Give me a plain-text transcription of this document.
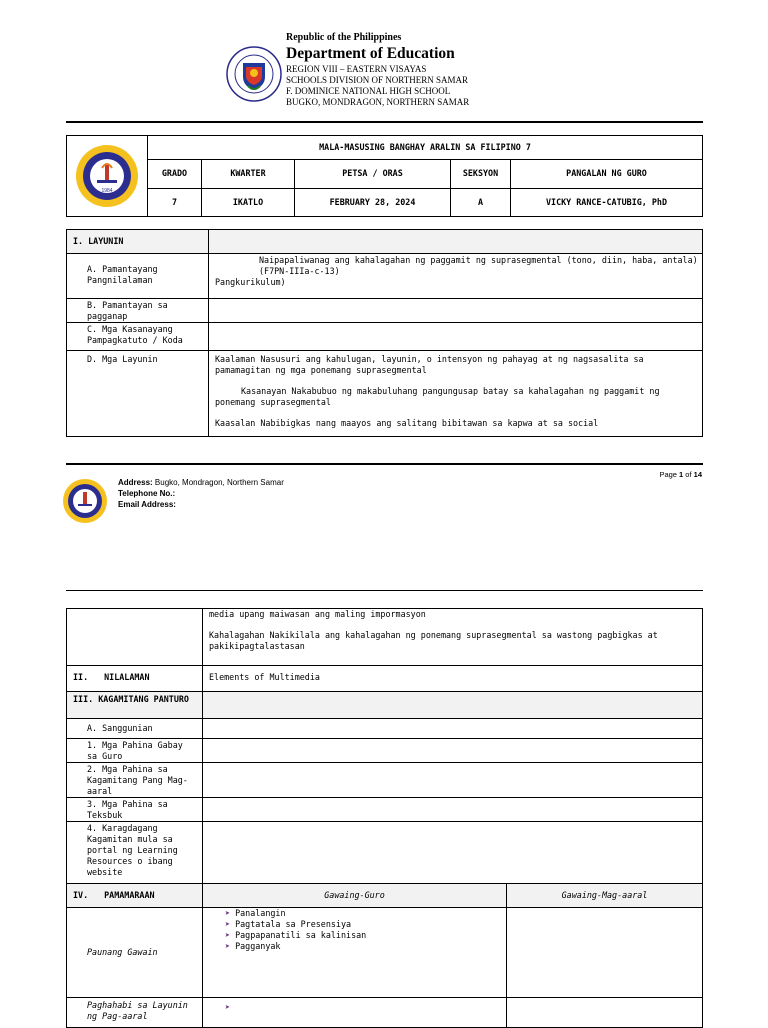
Republic of the Philippines
Department of Education
REGION VIII – EASTERN VISAYAS
SCHOOLS DIVISION OF NORTHERN SAMAR
F. DOMINICE NATIONAL HIGH SCHOOL
BUGKO, MONDRAGON, NORTHERN SAMAR
1984	MALA-MASUSING BANGHAY ARALIN SA FILIPINO 7				
	GRADO	KWARTER	PETSA / ORAS	SEKSYON	PANGALAN NG GURO
	7	IKATLO	FEBRUARY 28, 2024	A	VICKY RANCE-CATUBIG, PhD
I. LAYUNIN	
A. Pamantayang Pangnilalaman	Naipapaliwanag ang kahalagahan ng paggamit ng suprasegmental (tono, diin, haba, antala)
(F7PN-IIIa-c-13)
Pangkurikulum)

B. Pamantayan sa pagganap	
C. Mga Kasanayang Pampagkatuto / Koda	
D. Mga Layunin	Kaalaman Nasusuri ang kahulugan, layunin, o intensyon ng pahayag at ng nagsasalita sa pamamagitan ng mga ponemang suprasegmental
Kasanayan Nakabubuo ng makabuluhang pangungusap batay sa kahalagahan ng paggamit ng ponemang suprasegmental
Kaasalan Nabibigkas nang maayos ang salitang bibitawan sa kapwa at sa social
Address: Bugko, Mondragon, Northern Samar
Telephone No.:
Email Address:
Page 1 of 14

	media upang maiwasan ang maling impormasyon
Kahalagahan Nakikilala ang kahalagahan ng ponemang suprasegmental sa wastong pagbigkas at pakikipagtalastasan	

II. NILALAMAN	Elements of Multimedia	
III. KAGAMITANG PANTURO		
A. Sanggunian		
1. Mga Pahina Gabay sa Guro		
2. Mga Pahina sa Kagamitang Pang Mag-aaral		
3. Mga Pahina sa Teksbuk		
4. Karagdagang Kagamitan mula sa portal ng Learning Resources o ibang website		
IV. PAMAMARAAN	Gawaing-Guro	Gawaing-Mag-aaral
Paunang Gawain	➤ Panalangin
➤ Pagtatala sa Presensiya
➤ Pagpapanatili sa kalinisan
➤ Pagganyak	

Paghahabi sa Layunin ng Pag-aaral	➤	
